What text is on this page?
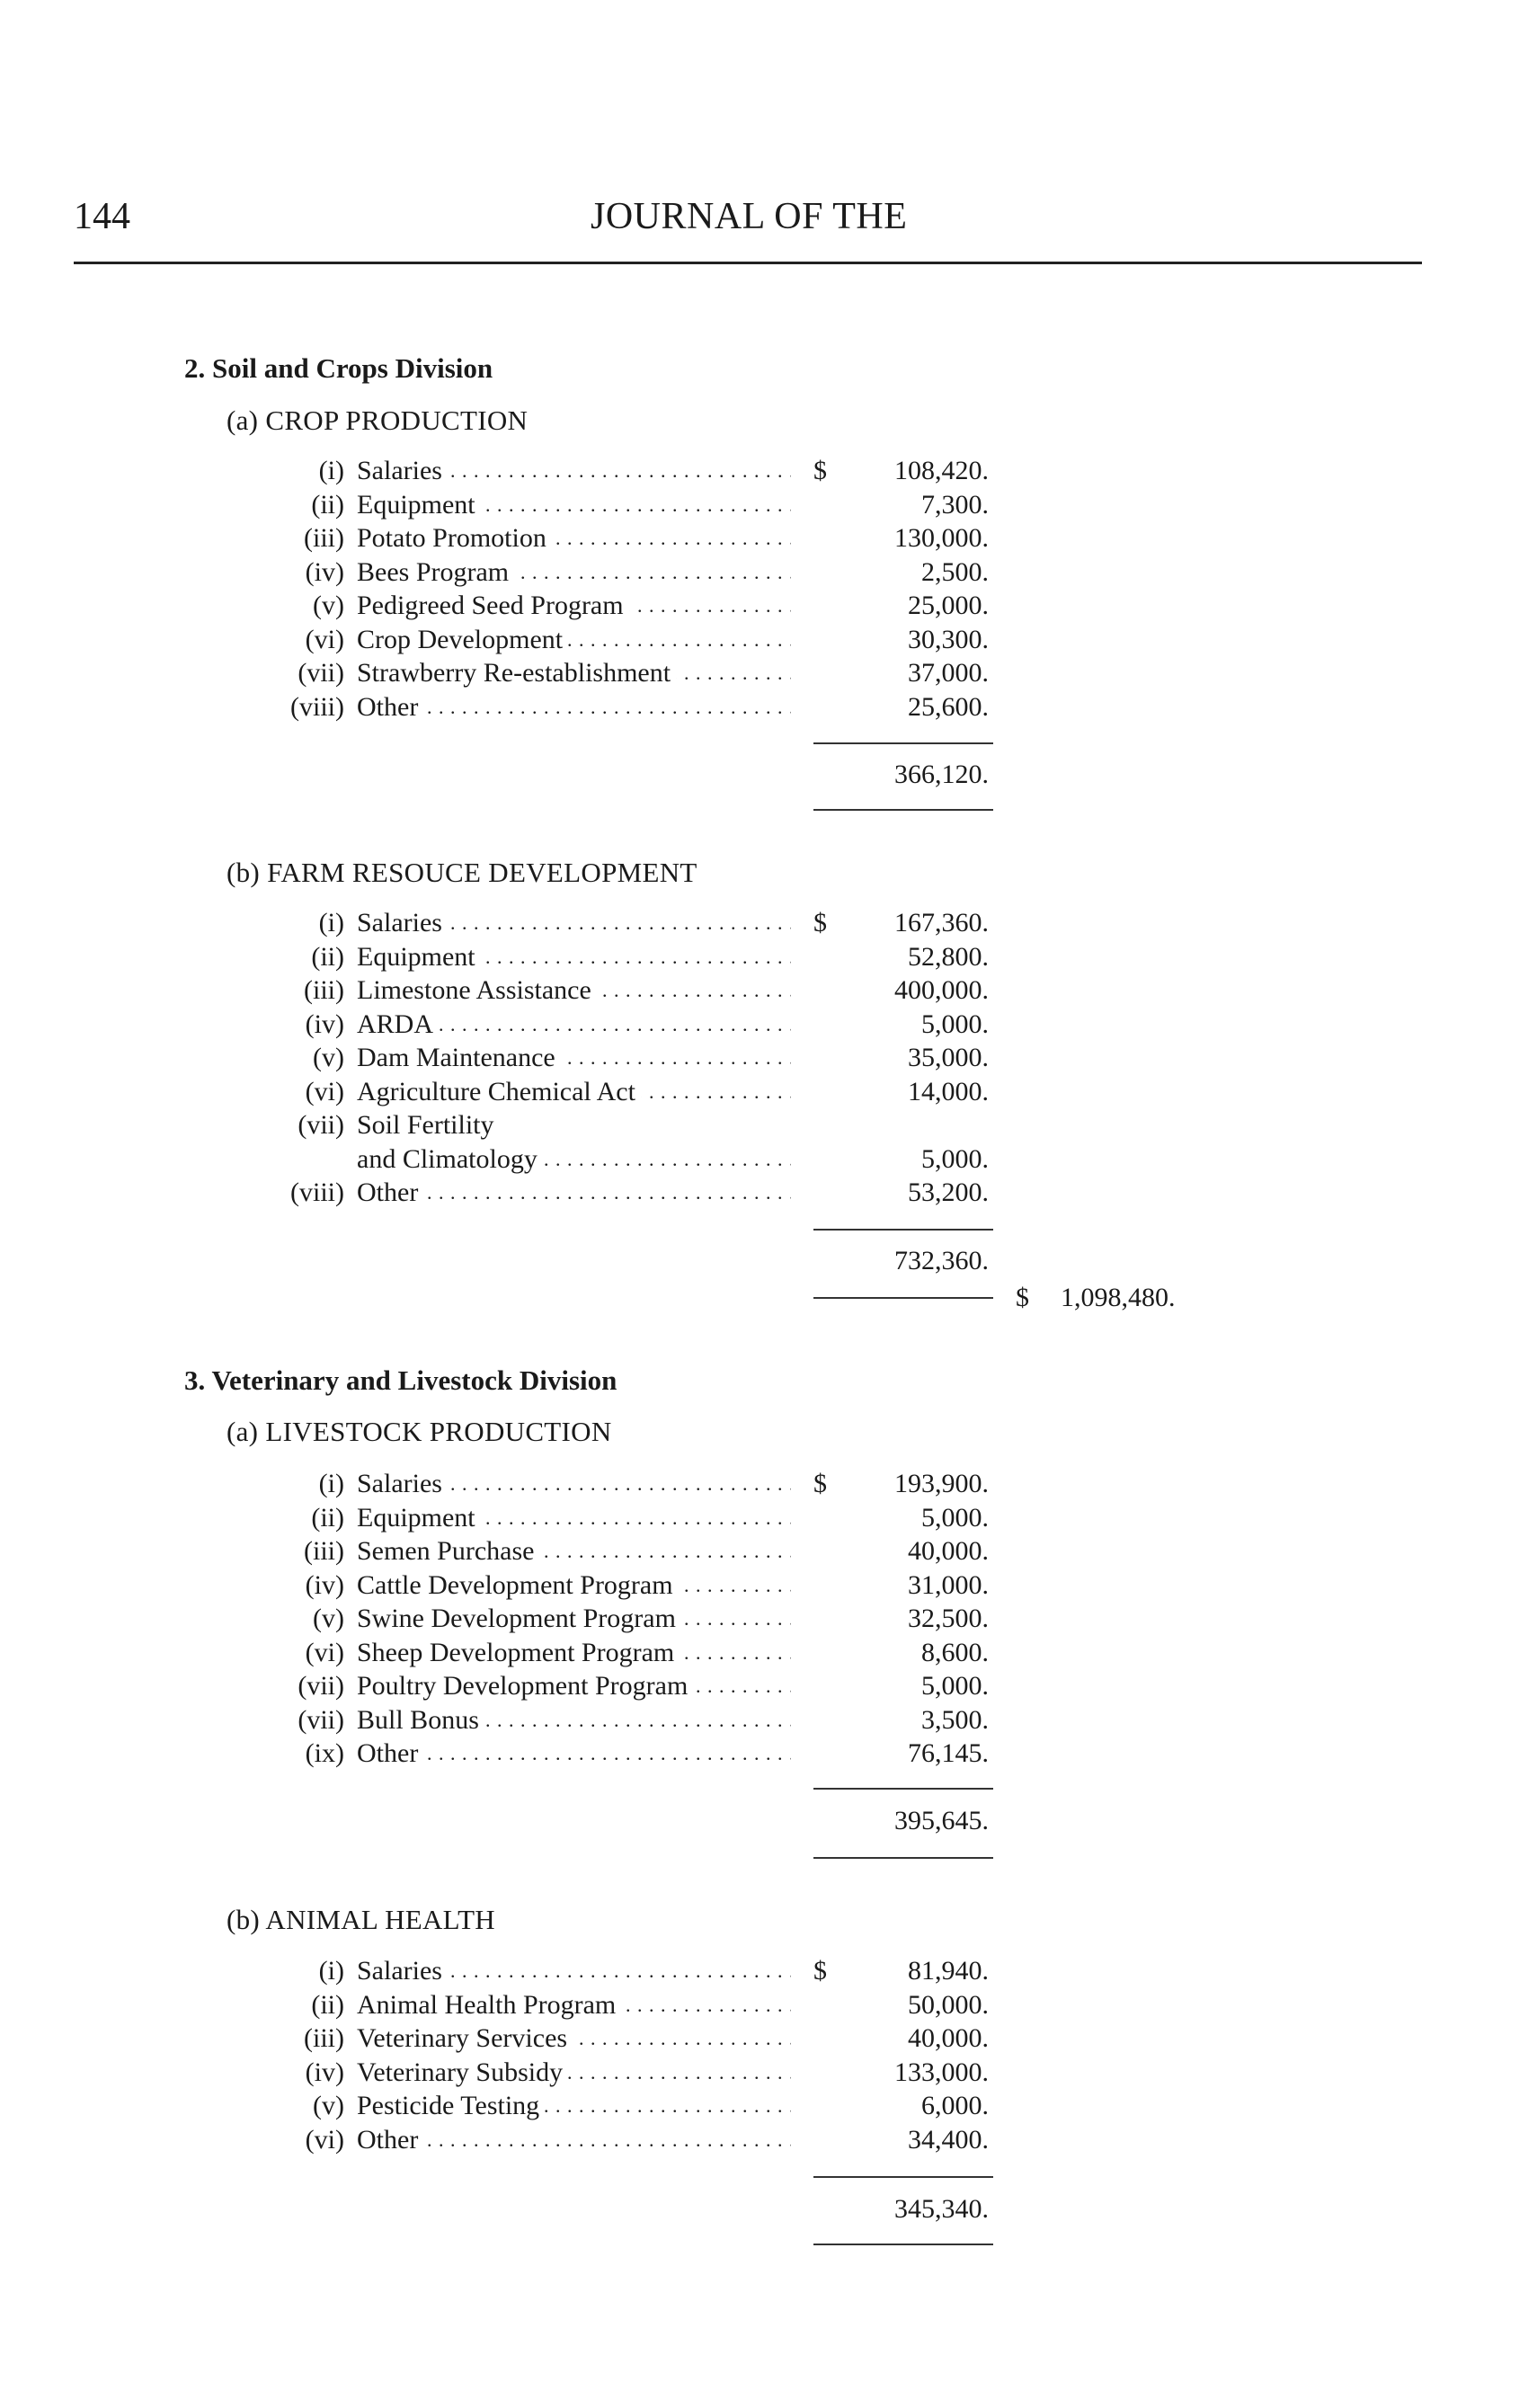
144	JOURNAL OF THE
2. Soil and Crops Division
(a) CROP PRODUCTION
(i) Salaries . . .	$	108,420.
(ii) Equipment . . .	7,300.
(iii) Potato Promotion . . .	130,000.
(iv) Bees Program . . .	2,500.
(v) Pedigreed Seed Program . . .	25,000.
(vi) Crop Development . . .	30,300.
(vii) Strawberry Re-establishment . . .	37,000.
(viii) Other . . .	25,600.
366,120.
(b) FARM RESOUCE DEVELOPMENT
(i) Salaries . . .	$	167,360.
(ii) Equipment . . .	52,800.
(iii) Limestone Assistance . . .	400,000.
(iv) ARDA . . .	5,000.
(v) Dam Maintenance . . .	35,000.
(vi) Agriculture Chemical Act . . .	14,000.
(vii) Soil Fertility
and Climatology . . .	5,000.
(viii) Other . . .	53,200.
732,360.
$ 1,098,480.
3. Veterinary and Livestock Division
(a) LIVESTOCK PRODUCTION
(i) Salaries . . .	$	193,900.
(ii) Equipment . . .	5,000.
(iii) Semen Purchase . . .	40,000.
(iv) Cattle Development Program . . .	31,000.
(v) Swine Development Program . . .	32,500.
(vi) Sheep Development Program . . .	8,600.
(vii) Poultry Development Program . . .	5,000.
(vii) Bull Bonus . . .	3,500.
(ix) Other . . .	76,145.
395,645.
(b) ANIMAL HEALTH
(i) Salaries . . .	$	81,940.
(ii) Animal Health Program . . .	50,000.
(iii) Veterinary Services . . .	40,000.
(iv) Veterinary Subsidy . . .	133,000.
(v) Pesticide Testing . . .	6,000.
(vi) Other . . .	34,400.
345,340.
